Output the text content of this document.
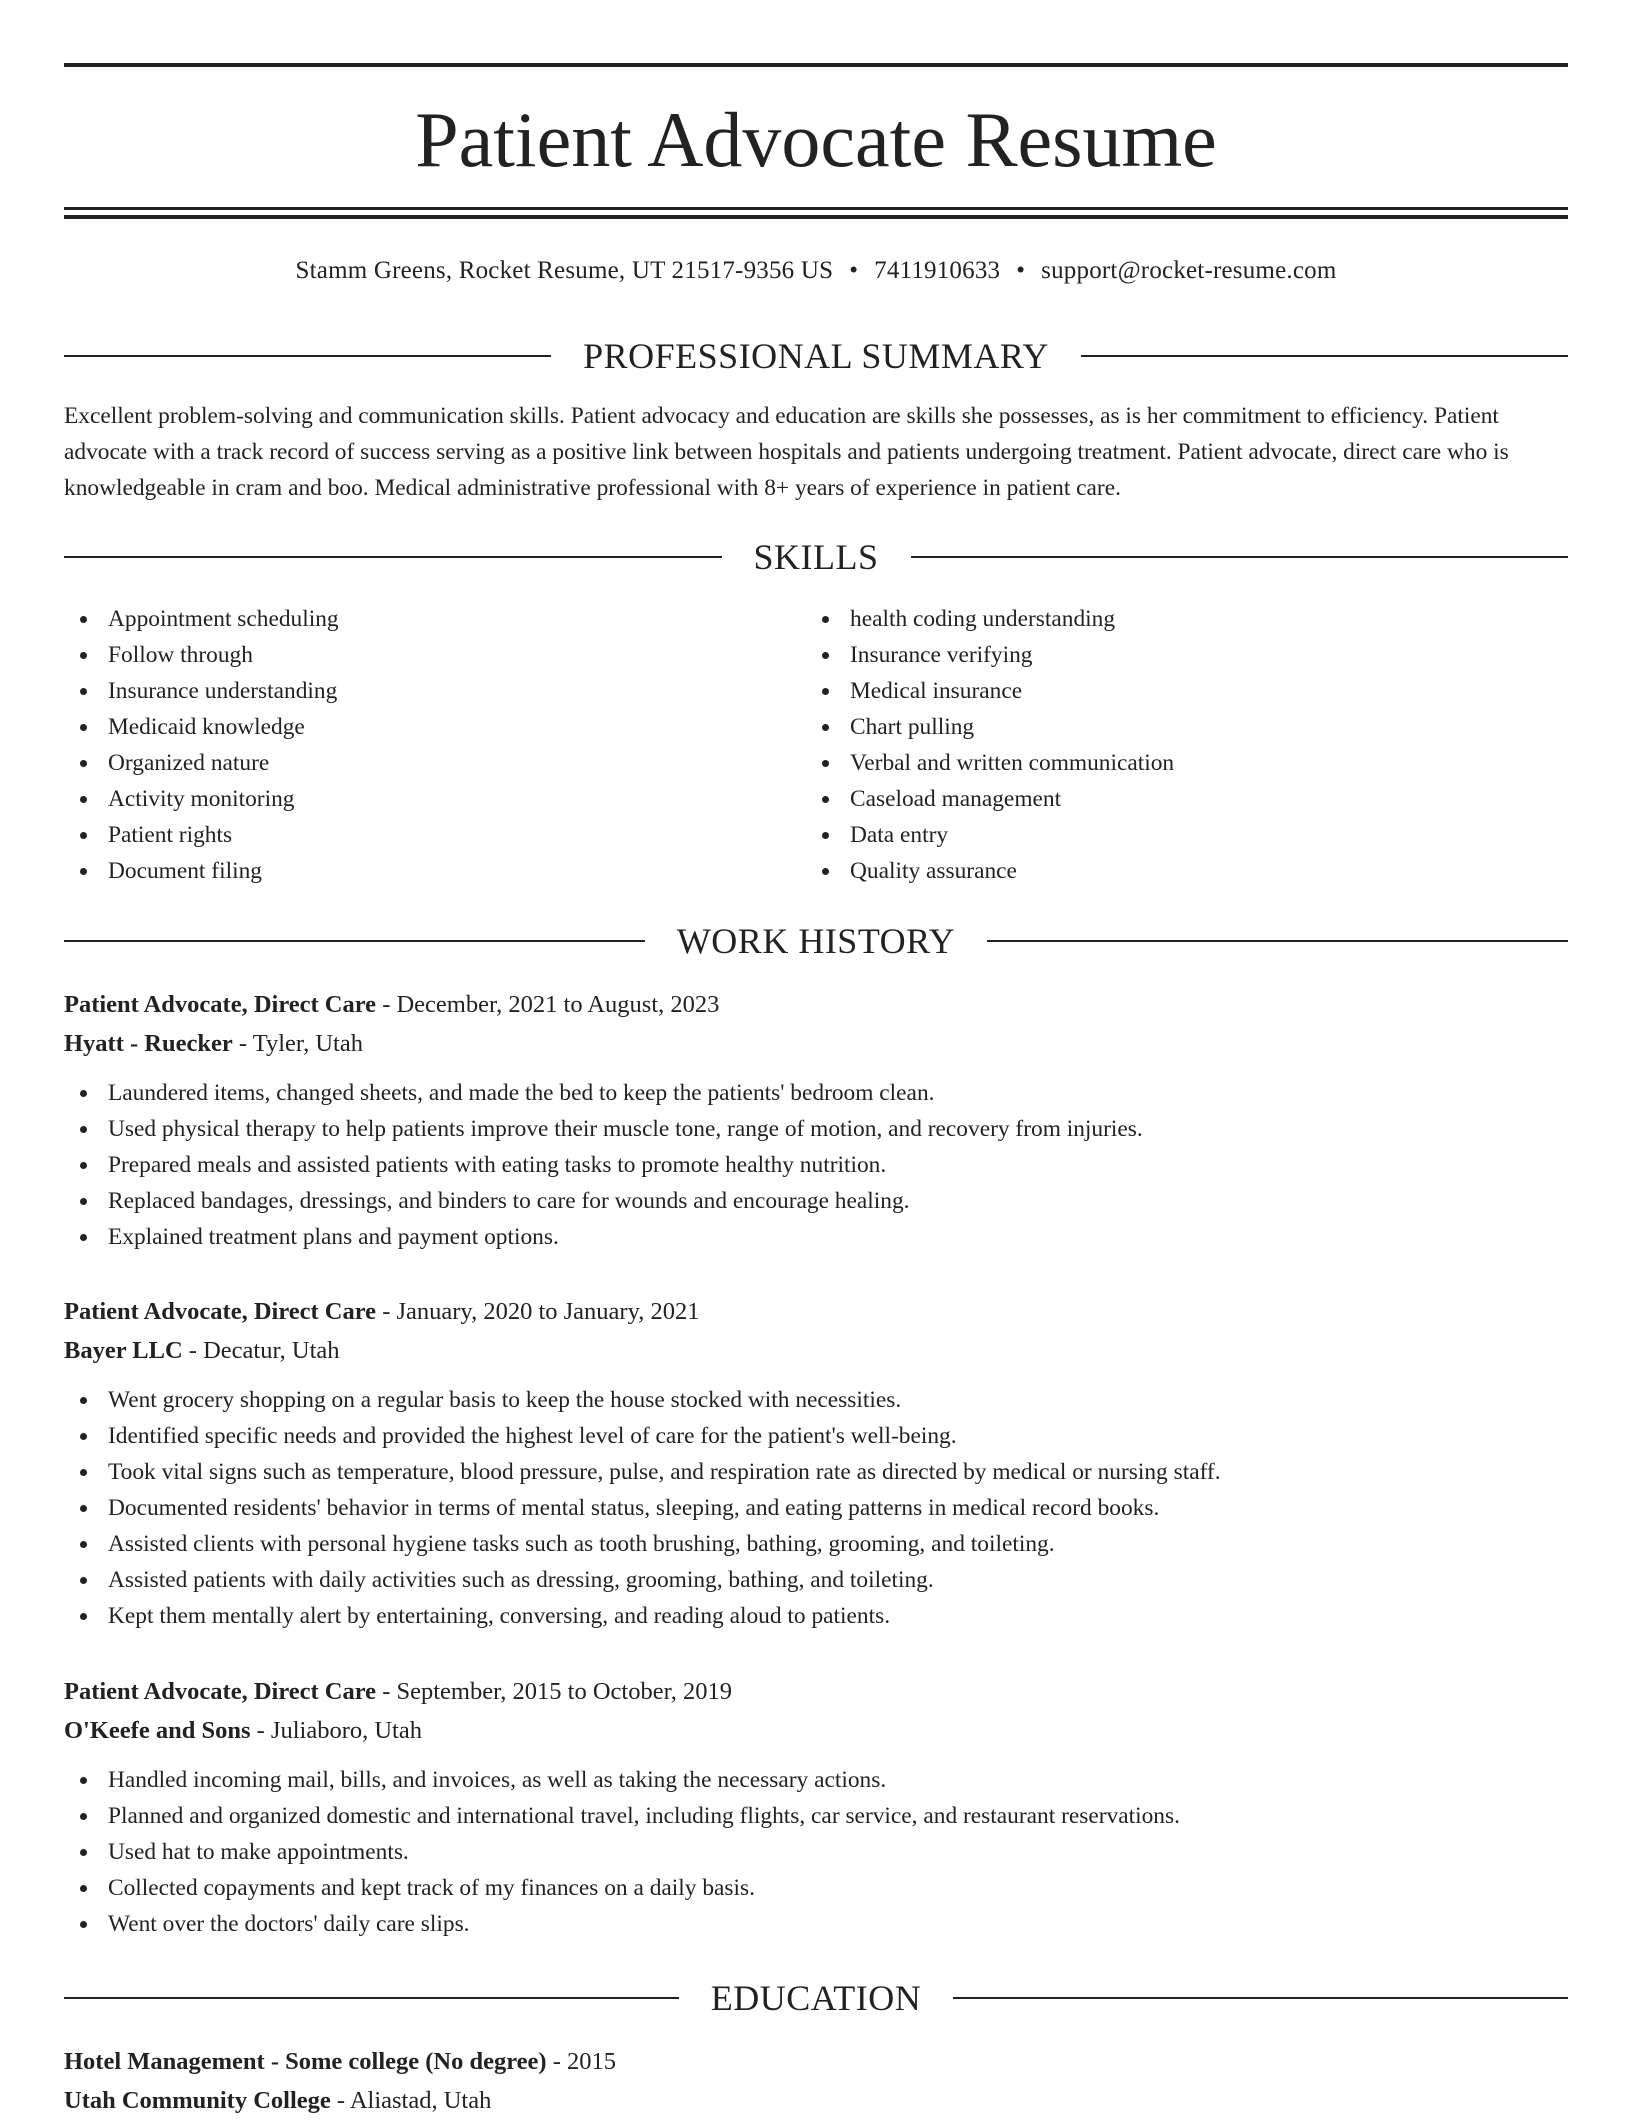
Patient Advocate Resume
Stamm Greens, Rocket Resume, UT 21517-9356 US • 7411910633 • support@rocket-resume.com
PROFESSIONAL SUMMARY

Excellent problem-solving and communication skills. Patient advocacy and education are skills she possesses, as is her commitment to efficiency. Patient advocate with a track record of success serving as a positive link between hospitals and patients undergoing treatment. Patient advocate, direct care who is knowledgeable in cram and boo. Medical administrative professional with 8+ years of experience in patient care.

SKILLS
Appointment scheduling
Follow through
Insurance understanding
Medicaid knowledge
Organized nature
Activity monitoring
Patient rights
Document filing
health coding understanding
Insurance verifying
Medical insurance
Chart pulling
Verbal and written communication
Caseload management
Data entry
Quality assurance
WORK HISTORY
Patient Advocate, Direct Care - December, 2021 to August, 2023
Hyatt - Ruecker - Tyler, Utah
Laundered items, changed sheets, and made the bed to keep the patients' bedroom clean.
Used physical therapy to help patients improve their muscle tone, range of motion, and recovery from injuries.
Prepared meals and assisted patients with eating tasks to promote healthy nutrition.
Replaced bandages, dressings, and binders to care for wounds and encourage healing.
Explained treatment plans and payment options.
Patient Advocate, Direct Care - January, 2020 to January, 2021
Bayer LLC - Decatur, Utah
Went grocery shopping on a regular basis to keep the house stocked with necessities.
Identified specific needs and provided the highest level of care for the patient's well-being.
Took vital signs such as temperature, blood pressure, pulse, and respiration rate as directed by medical or nursing staff.
Documented residents' behavior in terms of mental status, sleeping, and eating patterns in medical record books.
Assisted clients with personal hygiene tasks such as tooth brushing, bathing, grooming, and toileting.
Assisted patients with daily activities such as dressing, grooming, bathing, and toileting.
Kept them mentally alert by entertaining, conversing, and reading aloud to patients.
Patient Advocate, Direct Care - September, 2015 to October, 2019
O'Keefe and Sons - Juliaboro, Utah
Handled incoming mail, bills, and invoices, as well as taking the necessary actions.
Planned and organized domestic and international travel, including flights, car service, and restaurant reservations.
Used hat to make appointments.
Collected copayments and kept track of my finances on a daily basis.
Went over the doctors' daily care slips.
EDUCATION
Hotel Management - Some college (No degree) - 2015
Utah Community College - Aliastad, Utah
